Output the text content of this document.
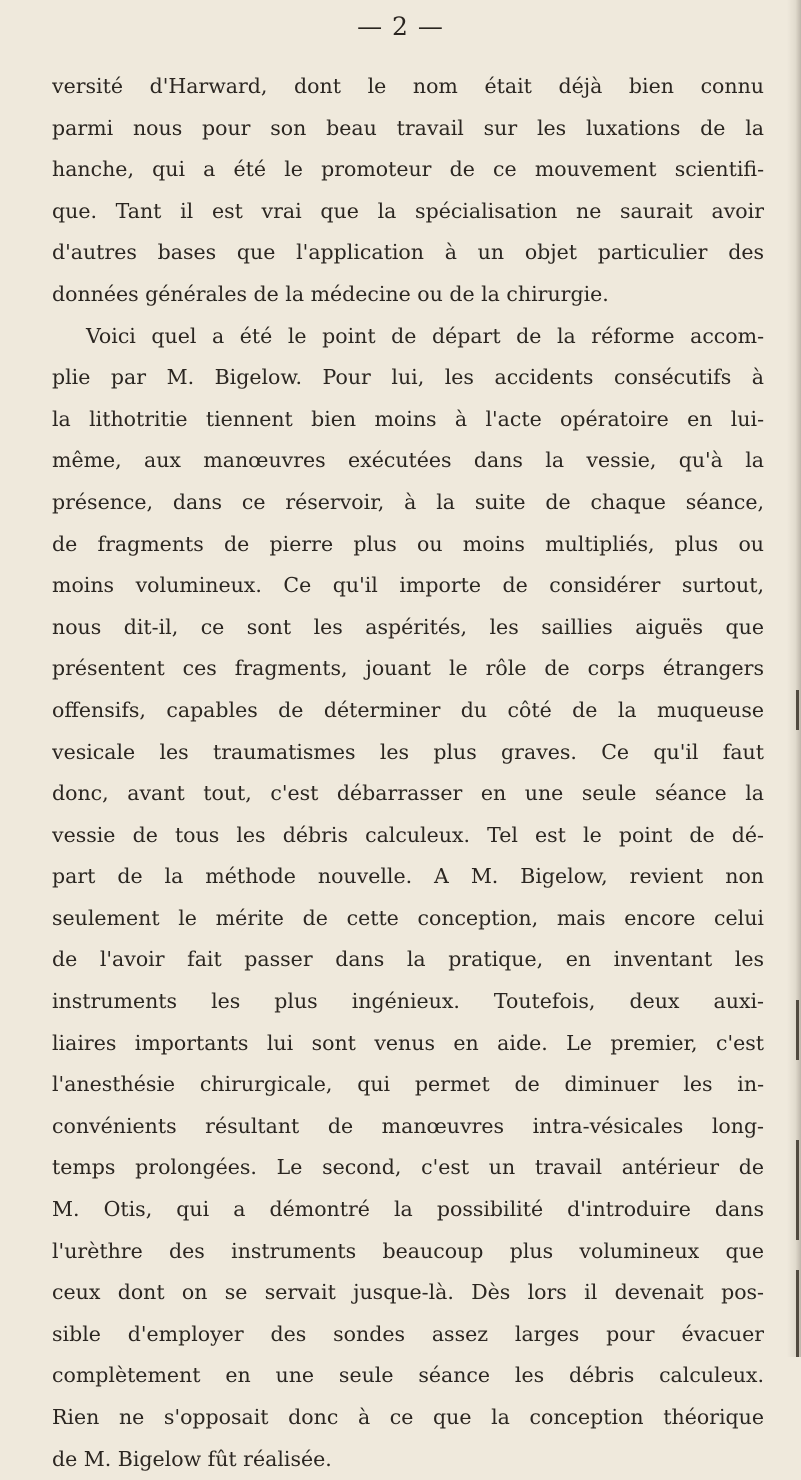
— 2 —
versité d'Harward, dont le nom était déjà bien connu
parmi nous pour son beau travail sur les luxations de la
hanche, qui a été le promoteur de ce mouvement scientifi-
que. Tant il est vrai que la spécialisation ne saurait avoir
d'autres bases que l'application à un objet particulier des
données générales de la médecine ou de la chirurgie.
Voici quel a été le point de départ de la réforme accom-
plie par M. Bigelow. Pour lui, les accidents consécutifs à
la lithotritie tiennent bien moins à l'acte opératoire en lui-
même, aux manœuvres exécutées dans la vessie, qu'à la
présence, dans ce réservoir, à la suite de chaque séance,
de fragments de pierre plus ou moins multipliés, plus ou
moins volumineux. Ce qu'il importe de considérer surtout,
nous dit-il, ce sont les aspérités, les saillies aiguës que
présentent ces fragments, jouant le rôle de corps étrangers
offensifs, capables de déterminer du côté de la muqueuse
vesicale les traumatismes les plus graves. Ce qu'il faut
donc, avant tout, c'est débarrasser en une seule séance la
vessie de tous les débris calculeux. Tel est le point de dé-
part de la méthode nouvelle. A M. Bigelow, revient non
seulement le mérite de cette conception, mais encore celui
de l'avoir fait passer dans la pratique, en inventant les
instruments les plus ingénieux. Toutefois, deux auxi-
liaires importants lui sont venus en aide. Le premier, c'est
l'anesthésie chirurgicale, qui permet de diminuer les in-
convénients résultant de manœuvres intra-vésicales long-
temps prolongées. Le second, c'est un travail antérieur de
M. Otis, qui a démontré la possibilité d'introduire dans
l'urèthre des instruments beaucoup plus volumineux que
ceux dont on se servait jusque-là. Dès lors il devenait pos-
sible d'employer des sondes assez larges pour évacuer
complètement en une seule séance les débris calculeux.
Rien ne s'opposait donc à ce que la conception théorique
de M. Bigelow fût réalisée.
